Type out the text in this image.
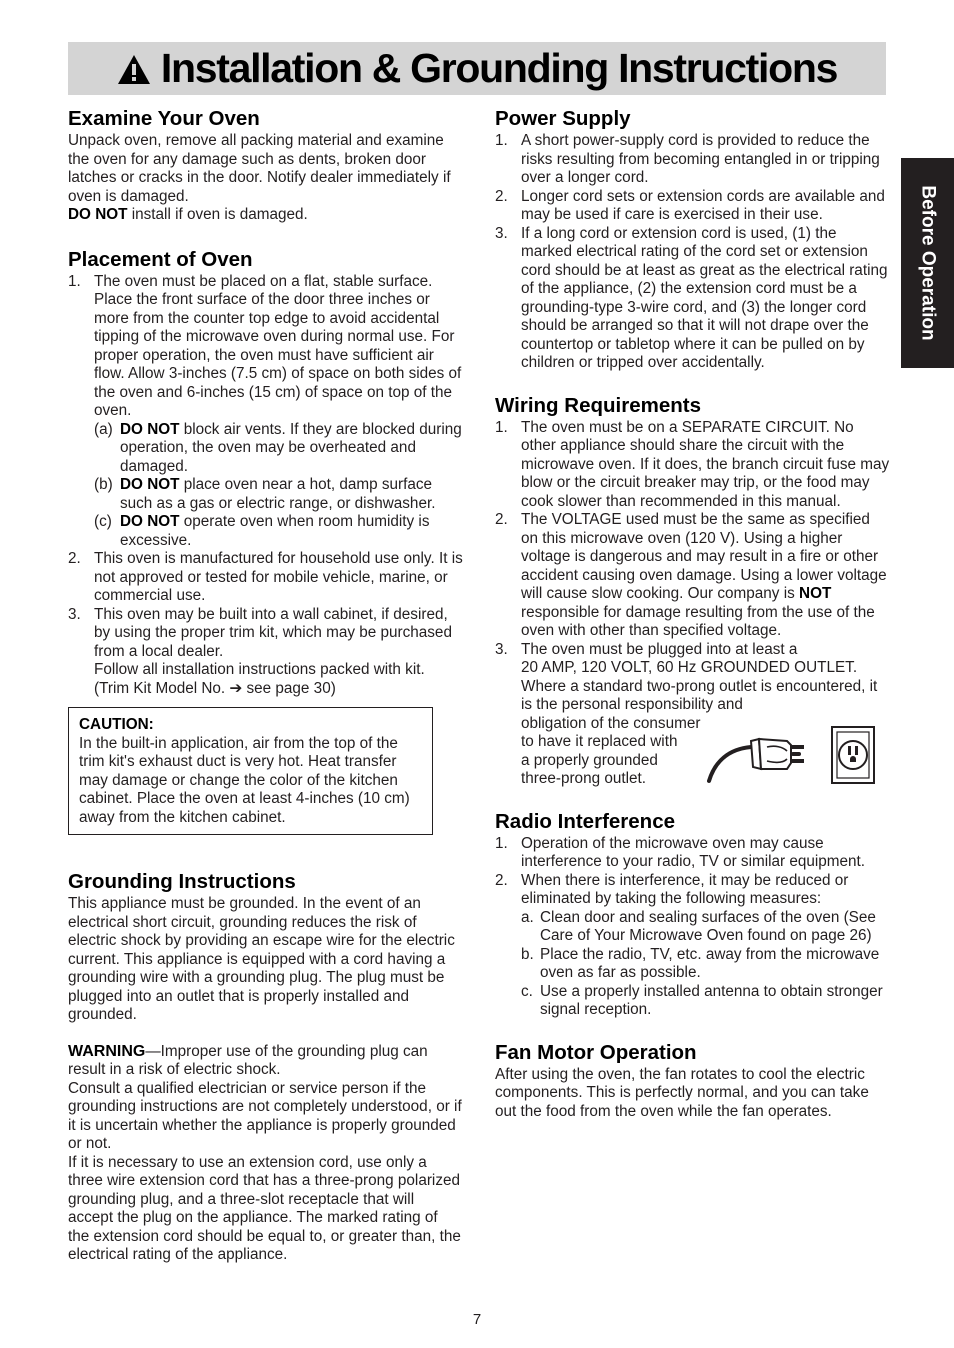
Installation & Grounding Instructions
Before Operation
Examine Your Oven

Unpack oven, remove all packing material and examine the oven for any damage such as dents, broken door latches or cracks in the door. Notify dealer immediately if oven is damaged.
DO NOT install if oven is damaged.

Placement of Oven
1. The oven must be placed on a flat, stable surface. Place the front surface of the door three inches or more from the counter top edge to avoid accidental tipping of the microwave oven during normal use. For proper operation, the oven must have sufficient air flow. Allow 3-inches (7.5 cm) of space on both sides of the oven and 6-inches (15 cm) of space on top of the oven.
(a) DO NOT block air vents. If they are blocked during operation, the oven may be overheated and damaged.
(b) DO NOT place oven near a hot, damp surface such as a gas or electric range, or dishwasher.
(c) DO NOT operate oven when room humidity is excessive.
2. This oven is manufactured for household use only. It is not approved or tested for mobile vehicle, marine, or commercial use.
3. This oven may be built into a wall cabinet, if desired, by using the proper trim kit, which may be purchased from a local dealer.
Follow all installation instructions packed with kit.
(Trim Kit Model No. ➔ see page 30)
CAUTION:
In the built-in application, air from the top of the trim kit's exhaust duct is very hot. Heat transfer may damage or change the color of the kitchen cabinet. Place the oven at least 4-inches (10 cm) away from the kitchen cabinet.
Grounding Instructions

This appliance must be grounded. In the event of an electrical short circuit, grounding reduces the risk of electric shock by providing an escape wire for the electric current. This appliance is equipped with a cord having a grounding wire with a grounding plug. The plug must be plugged into an outlet that is properly installed and grounded.

WARNING—Improper use of the grounding plug can result in a risk of electric shock.

Consult a qualified electrician or service person if the grounding instructions are not completely understood, or if it is uncertain whether the appliance is properly grounded or not.

If it is necessary to use an extension cord, use only a three wire extension cord that has a three-prong polarized grounding plug, and a three-slot receptacle that will accept the plug on the appliance. The marked rating of the extension cord should be equal to, or greater than, the electrical rating of the appliance.

Power Supply
1. A short power-supply cord is provided to reduce the risks resulting from becoming entangled in or tripping over a longer cord.
2. Longer cord sets or extension cords are available and may be used if care is exercised in their use.
3. If a long cord or extension cord is used, (1) the marked electrical rating of the cord set or extension cord should be at least as great as the electrical rating of the appliance, (2) the extension cord must be a grounding-type 3-wire cord, and (3) the longer cord should be arranged so that it will not drape over the countertop or tabletop where it can be pulled on by children or tripped over accidentally.
Wiring Requirements
1. The oven must be on a SEPARATE CIRCUIT. No other appliance should share the circuit with the microwave oven. If it does, the branch circuit fuse may blow or the circuit breaker may trip, or the food may cook slower than recommended in this manual.
2. The VOLTAGE used must be the same as specified on this microwave oven (120 V). Using a higher voltage is dangerous and may result in a fire or other accident causing oven damage. Using a lower voltage will cause slow cooking. Our company is NOT responsible for damage resulting from the use of the oven with other than specified voltage.
3. The oven must be plugged into at least a
20 AMP, 120 VOLT, 60 Hz GROUNDED OUTLET.
Where a standard two-prong outlet is encountered, it is the personal responsibility and
obligation of the consumer
to have it replaced with
a properly grounded
three-prong outlet.
Radio Interference
1. Operation of the microwave oven may cause interference to your radio, TV or similar equipment.
2. When there is interference, it may be reduced or eliminated by taking the following measures:
a. Clean door and sealing surfaces of the oven (See Care of Your Microwave Oven found on page 26)
b. Place the radio, TV, etc. away from the microwave oven as far as possible.
c. Use a properly installed antenna to obtain stronger signal reception.
Fan Motor Operation

After using the oven, the fan rotates to cool the electric components. This is perfectly normal, and you can take out the food from the oven while the fan operates.

7
